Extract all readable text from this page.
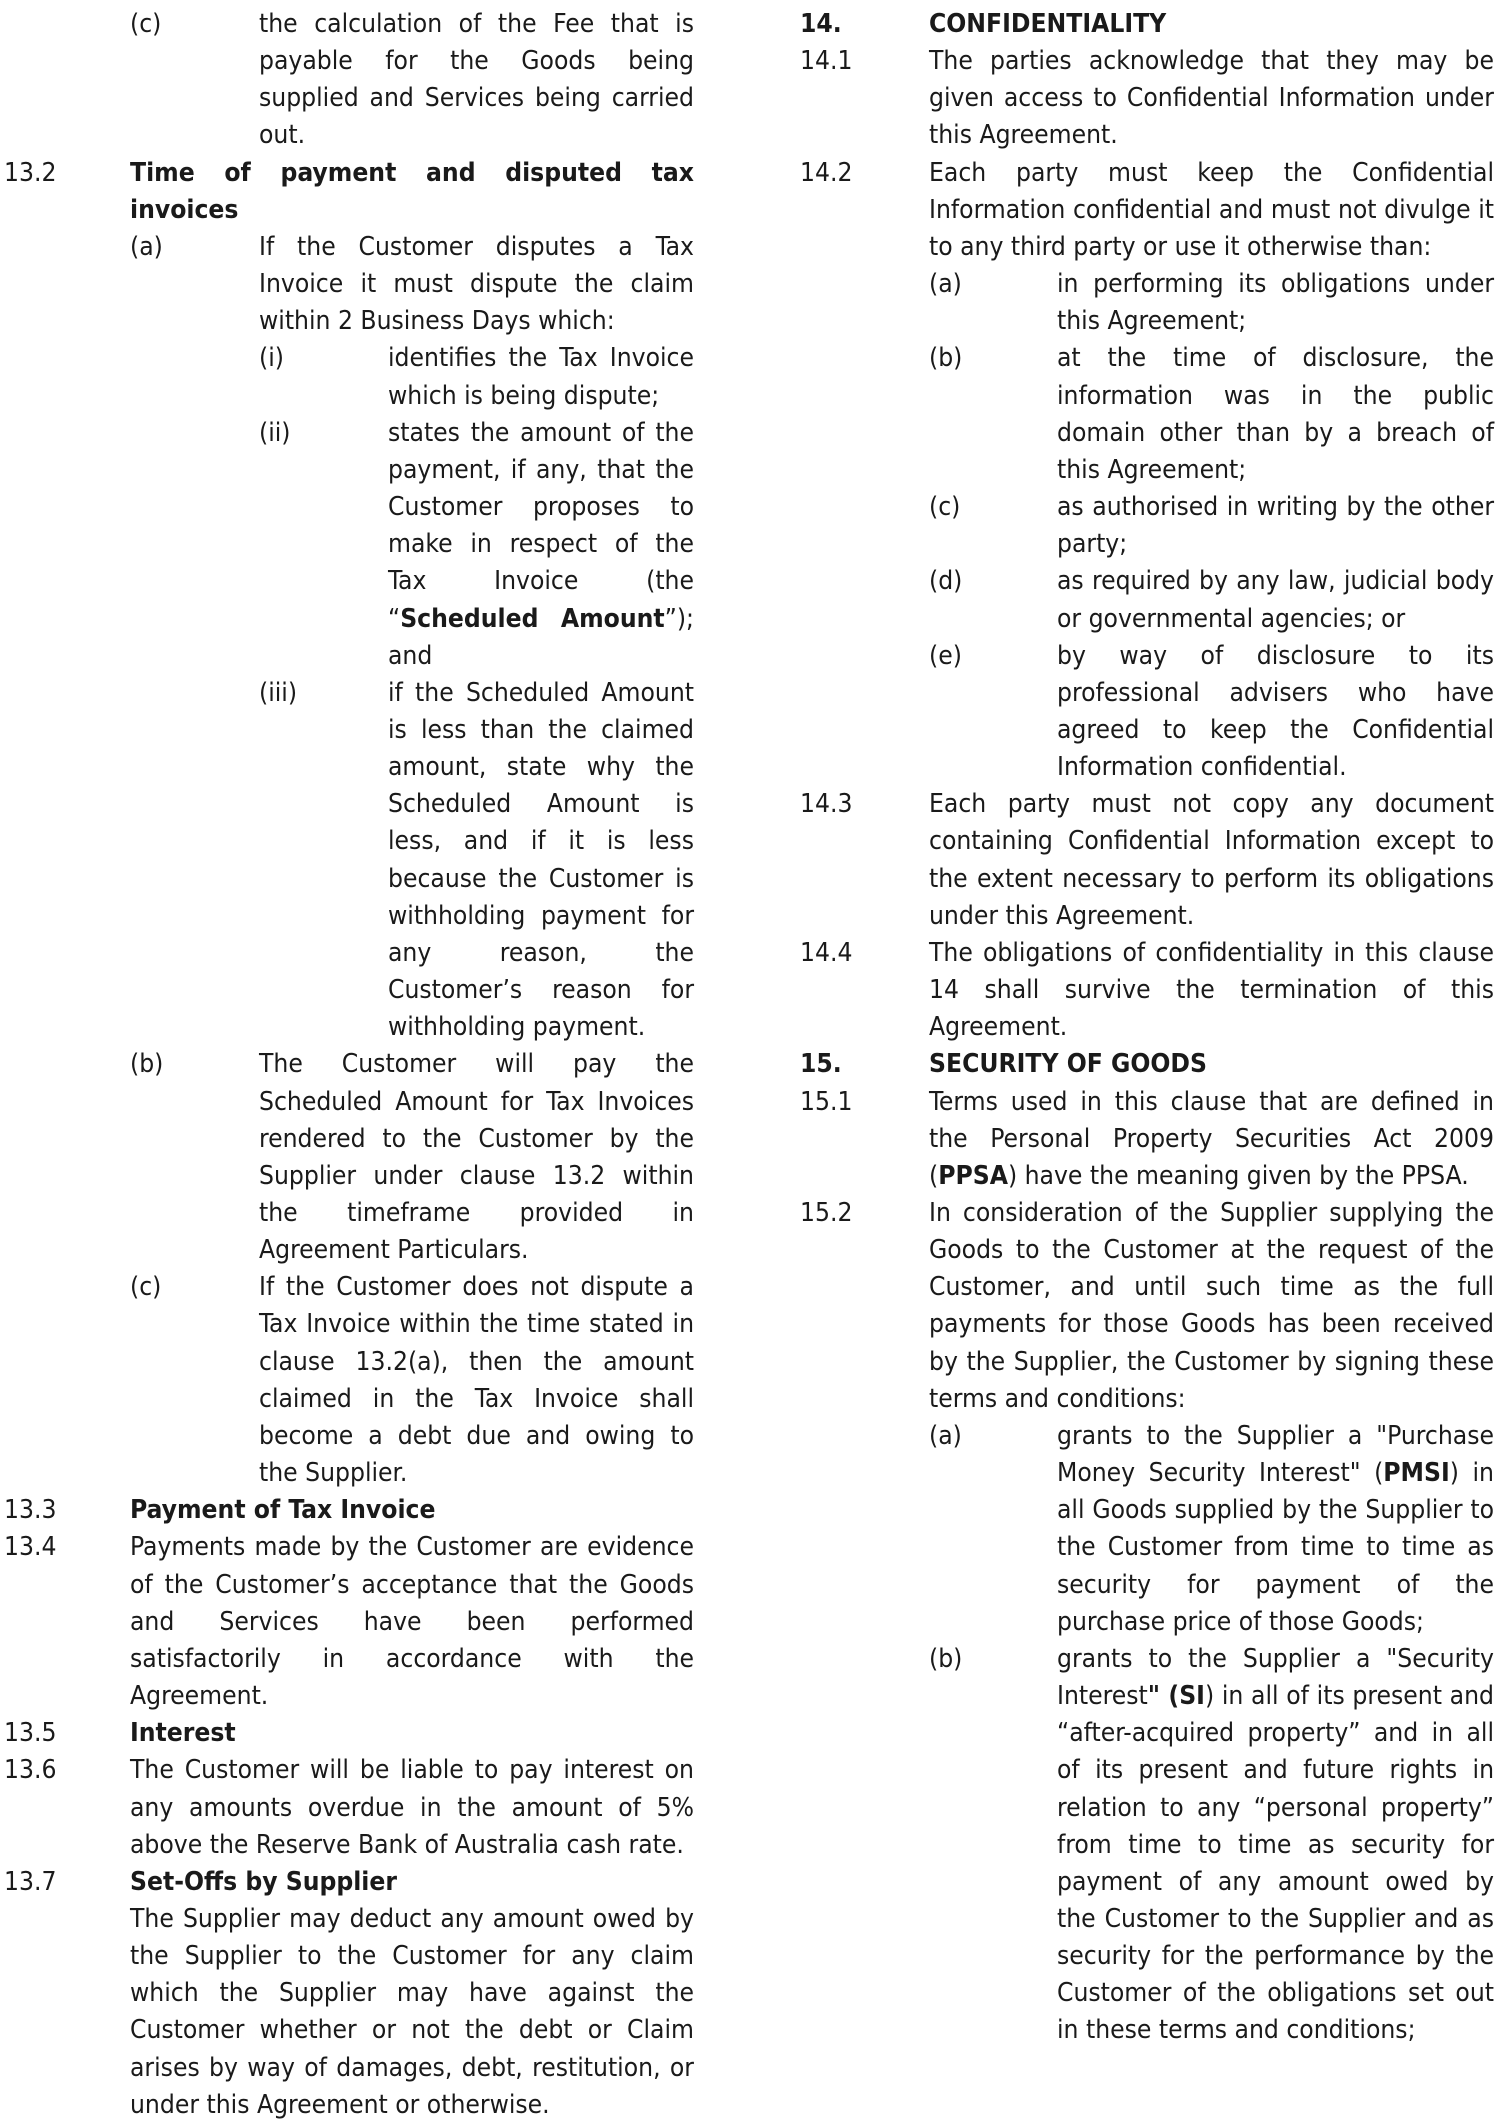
(c)	the calculation of the Fee that is payable for the Goods being supplied and Services being carried out.
13.2	Time of payment and disputed tax invoices
(a)	If the Customer disputes a Tax Invoice it must dispute the claim within 2 Business Days which:
(i)	identifies the Tax Invoice which is being dispute;
(ii)	states the amount of the payment, if any, that the Customer proposes to make in respect of the Tax Invoice (the “Scheduled Amount”); and
(iii)	if the Scheduled Amount is less than the claimed amount, state why the Scheduled Amount is less, and if it is less because the Customer is withholding payment for any reason, the Customer’s reason for withholding payment.
(b)	The Customer will pay the Scheduled Amount for Tax Invoices rendered to the Customer by the Supplier under clause 13.2 within the timeframe provided in Agreement Particulars.
(c)	If the Customer does not dispute a Tax Invoice within the time stated in clause 13.2(a), then the amount claimed in the Tax Invoice shall become a debt due and owing to the Supplier.
13.3	Payment of Tax Invoice
13.4	Payments made by the Customer are evidence of the Customer’s acceptance that the Goods and Services have been performed satisfactorily in accordance with the Agreement.
13.5	Interest
13.6	The Customer will be liable to pay interest on any amounts overdue in the amount of 5% above the Reserve Bank of Australia cash rate.
13.7	Set-Offs by Supplier
The Supplier may deduct any amount owed by the Supplier to the Customer for any claim which the Supplier may have against the Customer whether or not the debt or Claim arises by way of damages, debt, restitution, or under this Agreement or otherwise.
14.	CONFIDENTIALITY
14.1	The parties acknowledge that they may be given access to Confidential Information under this Agreement.
14.2	Each party must keep the Confidential Information confidential and must not divulge it to any third party or use it otherwise than:
(a)	in performing its obligations under this Agreement;
(b)	at the time of disclosure, the information was in the public domain other than by a breach of this Agreement;
(c)	as authorised in writing by the other party;
(d)	as required by any law, judicial body or governmental agencies; or
(e)	by way of disclosure to its professional advisers who have agreed to keep the Confidential Information confidential.
14.3	Each party must not copy any document containing Confidential Information except to the extent necessary to perform its obligations under this Agreement.
14.4	The obligations of confidentiality in this clause 14 shall survive the termination of this Agreement.
15.	SECURITY OF GOODS
15.1	Terms used in this clause that are defined in the Personal Property Securities Act 2009 (PPSA) have the meaning given by the PPSA.
15.2	In consideration of the Supplier supplying the Goods to the Customer at the request of the Customer, and until such time as the full payments for those Goods has been received by the Supplier, the Customer by signing these terms and conditions:
(a)	grants to the Supplier a "Purchase Money Security Interest" (PMSI) in all Goods supplied by the Supplier to the Customer from time to time as security for payment of the purchase price of those Goods;
(b)	grants to the Supplier a "Security Interest" (SI) in all of its present and “after-acquired property” and in all of its present and future rights in relation to any “personal property” from time to time as security for payment of any amount owed by the Customer to the Supplier and as security for the performance by the Customer of the obligations set out in these terms and conditions;
